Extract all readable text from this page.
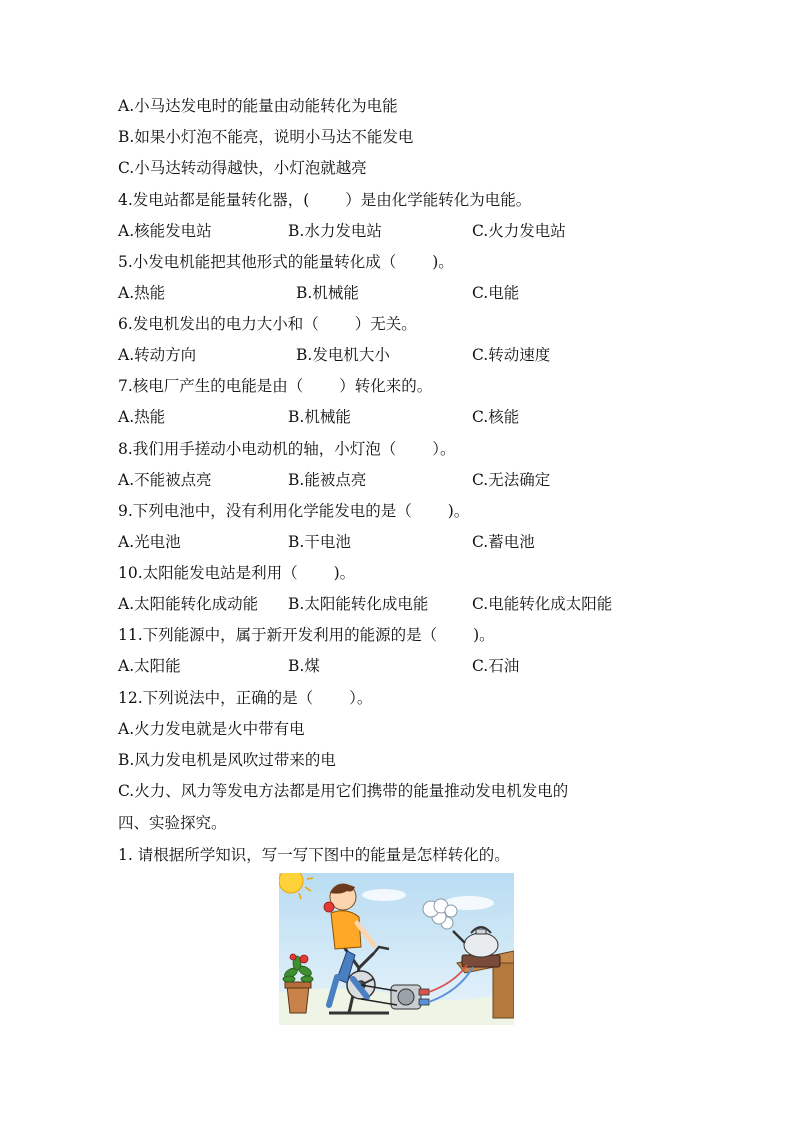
A.小马达发电时的能量由动能转化为电能
B.如果小灯泡不能亮，说明小马达不能发电
C.小马达转动得越快，小灯泡就越亮
4.发电站都是能量转化器，(　　 ）是由化学能转化为电能。
A.核能发电站	B.水力发电站	C.火力发电站
5.小发电机能把其他形式的能量转化成（　　 )。
A.热能	B.机械能	C.电能
6.发电机发出的电力大小和（　　 ）无关。
A.转动方向	B.发电机大小	C.转动速度
7.核电厂产生的电能是由（　　 ）转化来的。
A.热能	B.机械能	C.核能
8.我们用手搓动小电动机的轴，小灯泡（　　 ）。
A.不能被点亮	B.能被点亮	C.无法确定
9.下列电池中，没有利用化学能发电的是（　　 )。
A.光电池	B.干电池	C.蓄电池
10.太阳能发电站是利用（　　 )。
A.太阳能转化成动能 B.太阳能转化成电能	C.电能转化成太阳能
11.下列能源中，属于新开发利用的能源的是（　　 )。
A.太阳能	B.煤	C.石油
12.下列说法中，正确的是（　　 ）。
A.火力发电就是火中带有电
B.风力发电机是风吹过带来的电
C.火力、风力等发电方法都是用它们携带的能量推动发电机发电的
四、实验探究。
1. 请根据所学知识，写一写下图中的能量是怎样转化的。
